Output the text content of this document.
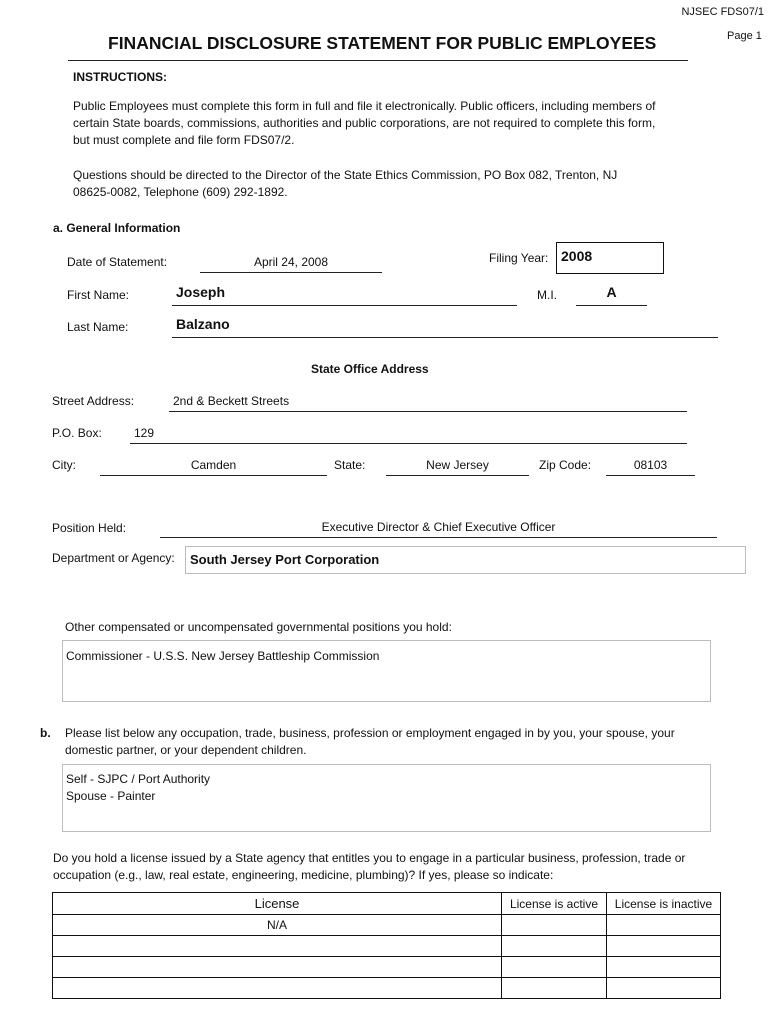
NJSEC FDS07/1
Page 1
FINANCIAL DISCLOSURE STATEMENT FOR PUBLIC EMPLOYEES
INSTRUCTIONS:
Public Employees must complete this form in full and file it electronically. Public officers, including members of
certain State boards, commissions, authorities and public corporations, are not required to complete this form,
but must complete and file form FDS07/2.
Questions should be directed to the Director of the State Ethics Commission, PO Box 082, Trenton, NJ
08625-0082, Telephone (609) 292-1892.
a. General Information
Date of Statement:	April 24, 2008	Filing Year: 2008
First Name:	Joseph	M.I.	A
Last Name:	Balzano
State Office Address
Street Address:	2nd & Beckett Streets
P.O. Box:	129
City:	Camden	State:	New Jersey	Zip Code:	08103
Position Held:	Executive Director & Chief Executive Officer
Department or Agency:	South Jersey Port Corporation
Other compensated or uncompensated governmental positions you hold:
Commissioner - U.S.S. New Jersey Battleship Commission
b. Please list below any occupation, trade, business, profession or employment engaged in by you, your spouse, your
domestic partner, or your dependent children.
Self - SJPC / Port Authority
Spouse - Painter
Do you hold a license issued by a State agency that entitles you to engage in a particular business, profession, trade or
occupation (e.g., law, real estate, engineering, medicine, plumbing)? If yes, please so indicate:
License	License is active	License is inactive
N/A		
